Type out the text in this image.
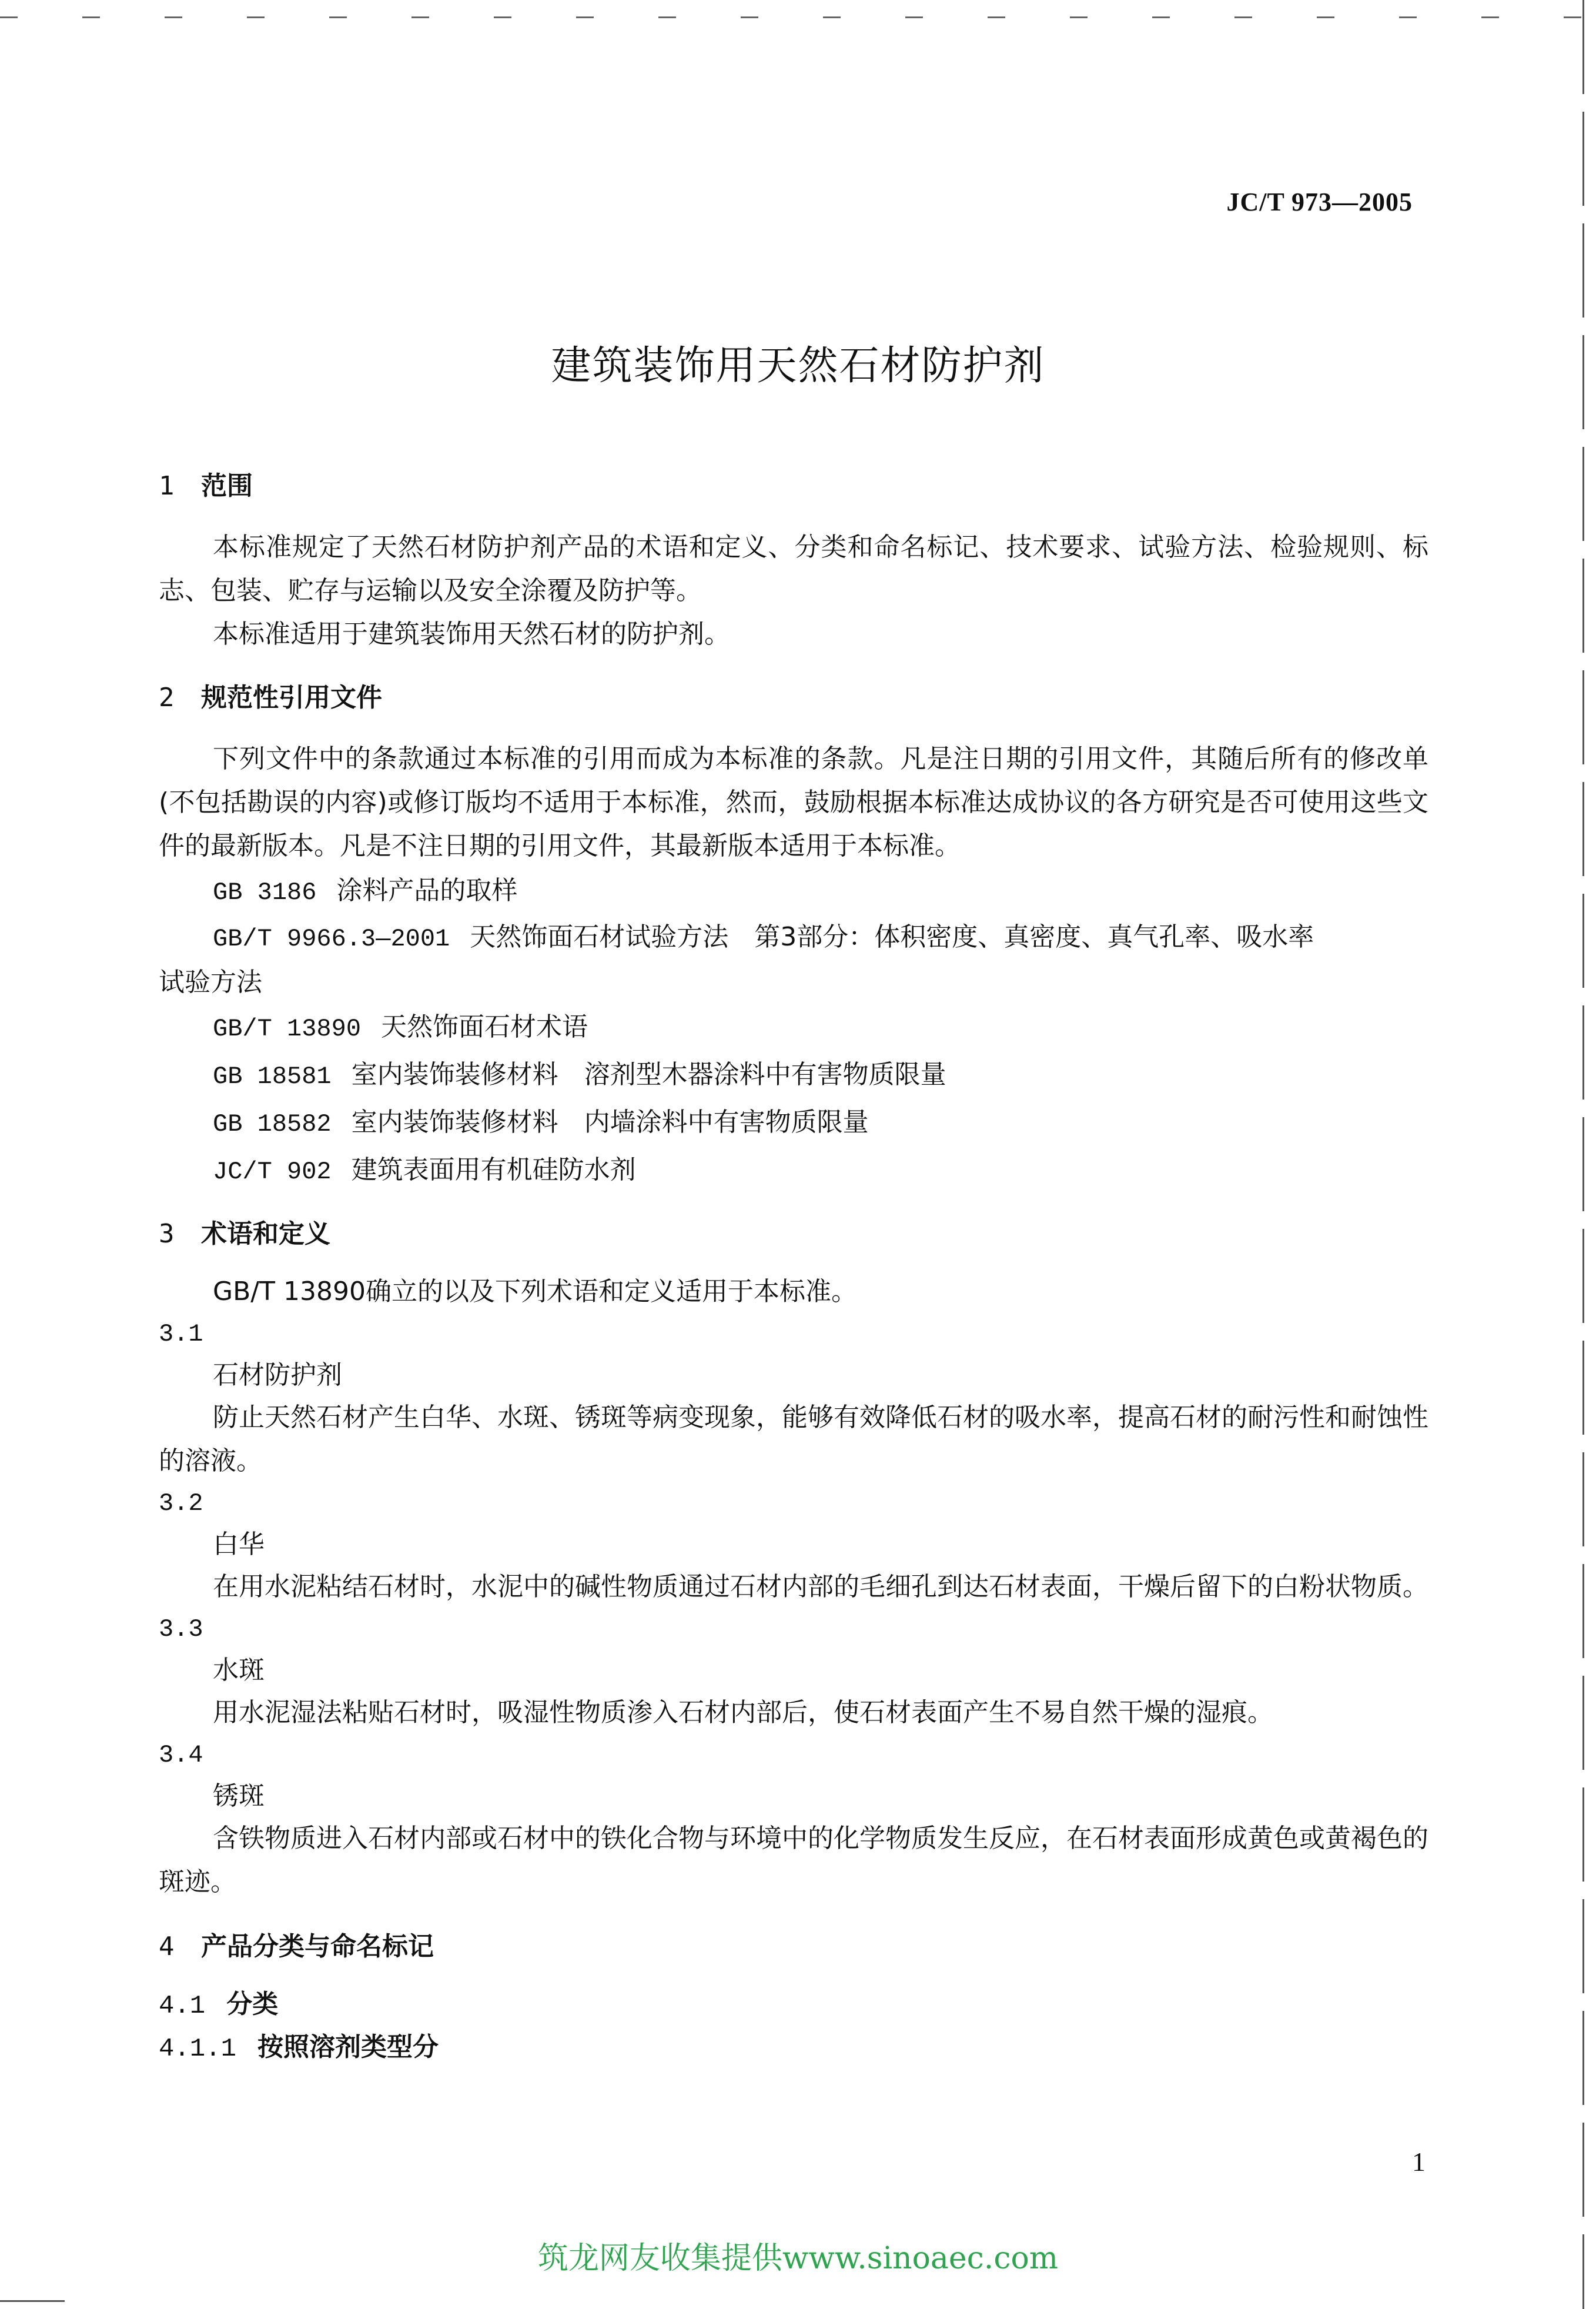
JC/T 973—2005
建筑装饰用天然石材防护剂
1 范围

本标准规定了天然石材防护剂产品的术语和定义、分类和命名标记、技术要求、试验方法、检验规则、标志、包装、贮存与运输以及安全涂覆及防护等。

本标准适用于建筑装饰用天然石材的防护剂。

2 规范性引用文件

下列文件中的条款通过本标准的引用而成为本标准的条款。凡是注日期的引用文件，其随后所有的修改单(不包括勘误的内容)或修订版均不适用于本标准，然而，鼓励根据本标准达成协议的各方研究是否可使用这些文件的最新版本。凡是不注日期的引用文件，其最新版本适用于本标准。

GB 3186 涂料产品的取样

GB/T 9966.3—2001 天然饰面石材试验方法　第3部分：体积密度、真密度、真气孔率、吸水率

试验方法

GB/T 13890 天然饰面石材术语

GB 18581 室内装饰装修材料　溶剂型木器涂料中有害物质限量

GB 18582 室内装饰装修材料　内墙涂料中有害物质限量

JC/T 902 建筑表面用有机硅防水剂

3 术语和定义

GB/T 13890确立的以及下列术语和定义适用于本标准。

3.1

石材防护剂

防止天然石材产生白华、水斑、锈斑等病变现象，能够有效降低石材的吸水率，提高石材的耐污性和耐蚀性的溶液。

3.2

白华

在用水泥粘结石材时，水泥中的碱性物质通过石材内部的毛细孔到达石材表面，干燥后留下的白粉状物质。

3.3

水斑

用水泥湿法粘贴石材时，吸湿性物质渗入石材内部后，使石材表面产生不易自然干燥的湿痕。

3.4

锈斑

含铁物质进入石材内部或石材中的铁化合物与环境中的化学物质发生反应，在石材表面形成黄色或黄褐色的斑迹。

4 产品分类与命名标记

4.1 分类

4.1.1 按照溶剂类型分

1
筑龙网友收集提供www.sinoaec.com
